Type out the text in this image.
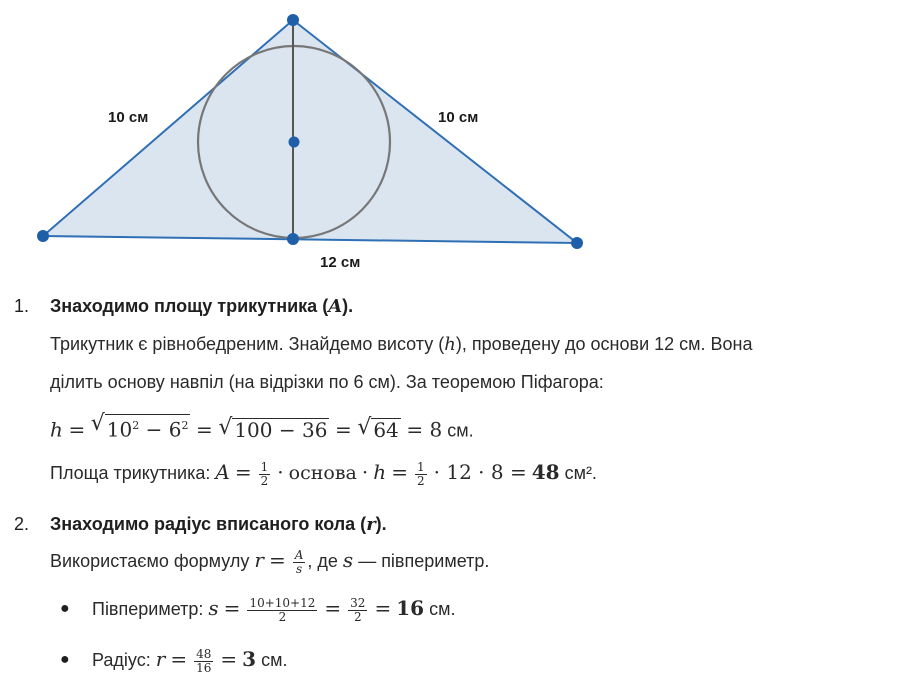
10 см	10 см
12 см
1. Знаходимо площу трикутника (A).
Трикутник є рівнобедреним. Знайдемо висоту (h), проведену до основи 12 см. Вона
ділить основу навпіл (на відрізки по 6 см). За теоремою Піфагора:
h = √ $10^2 - 6^2$ = √ 100 − 36 = √ 64 = 8 см.
Площа трикутника: $A = \frac{1}{2}$ · основа · $h = \frac{1}{2} \cdot 12 \cdot 8 = 48$ см².
2. Знаходимо радіус вписаного кола (r).
Використаємо формулу $r = \frac{A}{s}$ , де s — півпериметр.
● Півпериметр: $s = \frac{10+10+12}{2} = \frac{32}{2} = 16$ см.
● Радіус: $r = \frac{48}{16} = 3$ см.
